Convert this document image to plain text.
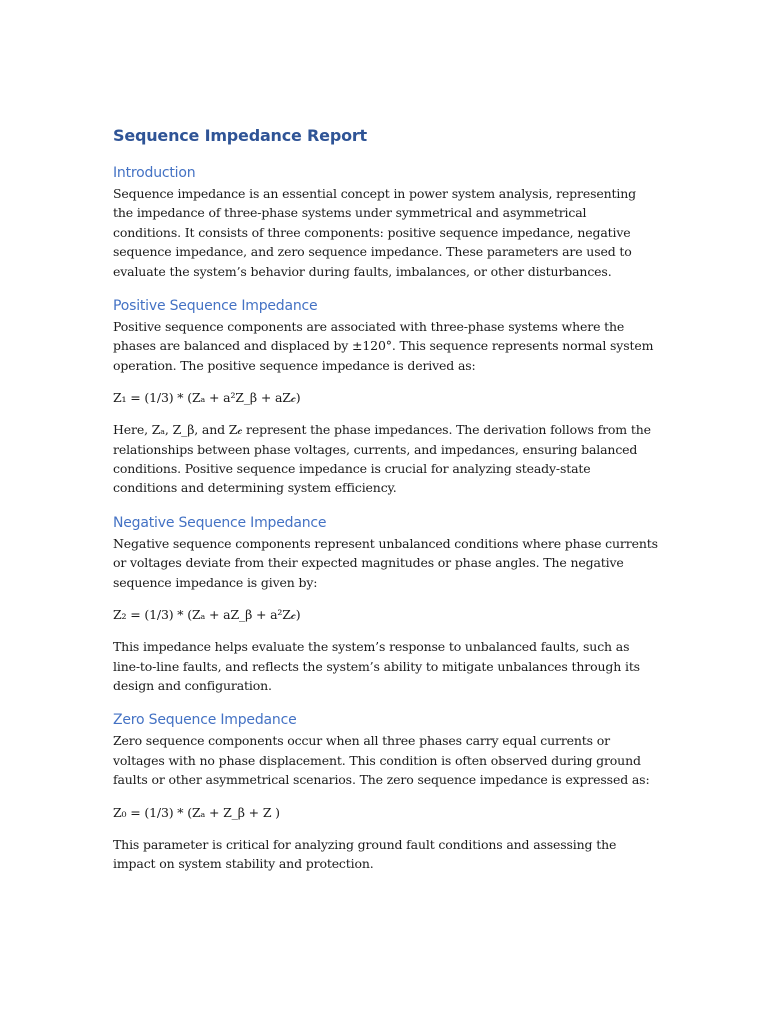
Sequence Impedance Report
Introduction

Sequence impedance is an essential concept in power system analysis, representing the impedance of three-phase systems under symmetrical and asymmetrical conditions. It consists of three components: positive sequence impedance, negative sequence impedance, and zero sequence impedance. These parameters are used to evaluate the system’s behavior during faults, imbalances, or other disturbances.

Positive Sequence Impedance

Positive sequence components are associated with three-phase systems where the phases are balanced and displaced by ±120°. This sequence represents normal system operation. The positive sequence impedance is derived as:

Z₁ = (1/3) * (Zₐ + a²Z_β + aZ𝒸)

Here, Zₐ, Z_β, and Z𝒸 represent the phase impedances. The derivation follows from the relationships between phase voltages, currents, and impedances, ensuring balanced conditions. Positive sequence impedance is crucial for analyzing steady-state conditions and determining system efficiency.

Negative Sequence Impedance

Negative sequence components represent unbalanced conditions where phase currents or voltages deviate from their expected magnitudes or phase angles. The negative sequence impedance is given by:

Z₂ = (1/3) * (Zₐ + aZ_β + a²Z𝒸)

This impedance helps evaluate the system’s response to unbalanced faults, such as line-to-line faults, and reflects the system’s ability to mitigate unbalances through its design and configuration.

Zero Sequence Impedance

Zero sequence components occur when all three phases carry equal currents or voltages with no phase displacement. This condition is often observed during ground faults or other asymmetrical scenarios. The zero sequence impedance is expressed as:

Z₀ = (1/3) * (Zₐ + Z_β + Z )

This parameter is critical for analyzing ground fault conditions and assessing the impact on system stability and protection.
